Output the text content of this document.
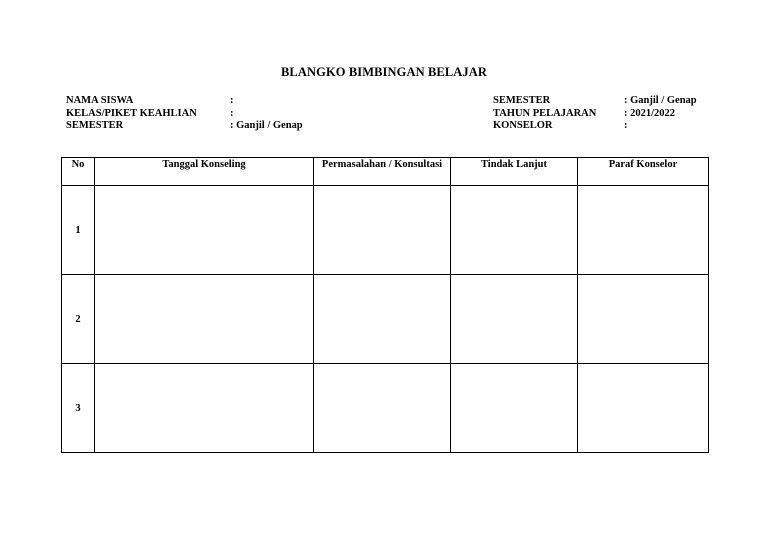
BLANGKO BIMBINGAN BELAJAR
NAMA SISWA	:
KELAS/PIKET KEAHLIAN	:
SEMESTER	: Ganjil / Genap
SEMESTER	: Ganjil / Genap
TAHUN PELAJARAN	: 2021/2022
KONSELOR	:
No	Tanggal Konseling	Permasalahan / Konsultasi	Tindak Lanjut	Paraf Konselor
1				
2				
3				
